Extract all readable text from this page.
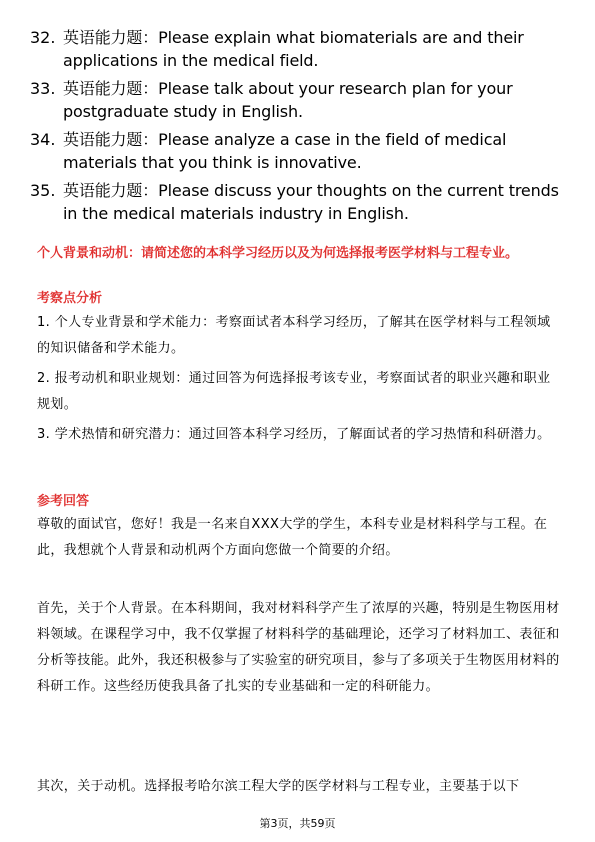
32. 英语能力题：Please explain what biomaterials are and their applications in the medical field.
33. 英语能力题：Please talk about your research plan for your postgraduate study in English.
34. 英语能力题：Please analyze a case in the field of medical materials that you think is innovative.
35. 英语能力题：Please discuss your thoughts on the current trends in the medical materials industry in English.
个人背景和动机：请简述您的本科学习经历以及为何选择报考医学材料与工程专业。
考察点分析
1. 个人专业背景和学术能力：考察面试者本科学习经历，了解其在医学材料与工程领域的知识储备和学术能力。
2. 报考动机和职业规划：通过回答为何选择报考该专业，考察面试者的职业兴趣和职业规划。
3. 学术热情和研究潜力：通过回答本科学习经历，了解面试者的学习热情和科研潜力。
参考回答
尊敬的面试官，您好！我是一名来自XXX大学的学生，本科专业是材料科学与工程。在此，我想就个人背景和动机两个方面向您做一个简要的介绍。
首先，关于个人背景。在本科期间，我对材料科学产生了浓厚的兴趣，特别是生物医用材料领域。在课程学习中，我不仅掌握了材料科学的基础理论，还学习了材料加工、表征和分析等技能。此外，我还积极参与了实验室的研究项目，参与了多项关于生物医用材料的科研工作。这些经历使我具备了扎实的专业基础和一定的科研能力。
其次，关于动机。选择报考哈尔滨工程大学的医学材料与工程专业，主要基于以下
第3页，共59页
